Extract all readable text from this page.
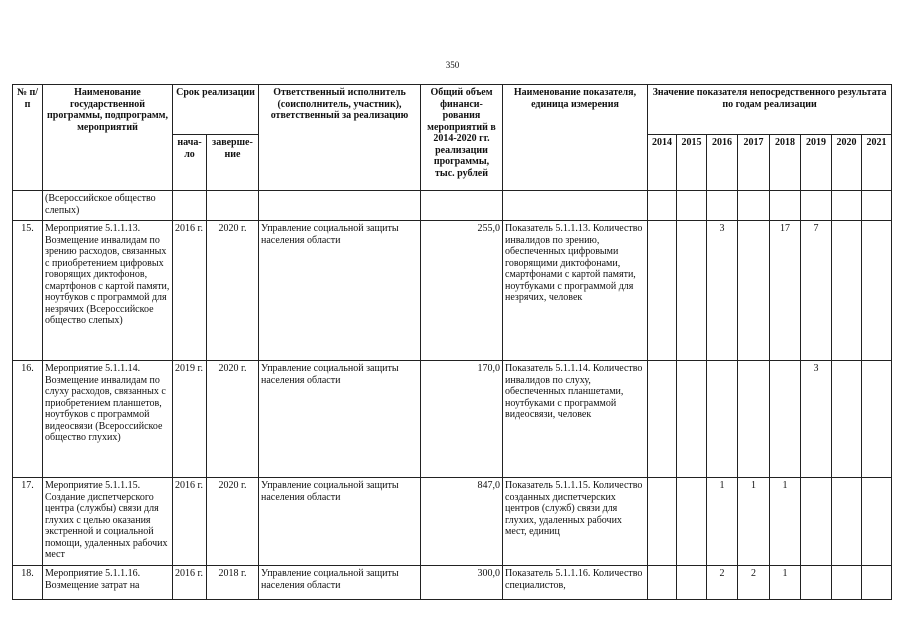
350
№ п/п	Наименование государственной программы, подпрограмм, мероприятий	Срок реализации		Ответственный исполнитель (соисполнитель, участник), ответственный за реализацию	Общий объем финанси-рования мероприятий в 2014-2020 гг. реализации программы, тыс. рублей	Наименование показателя, единица измерения	Значение показателя непосредственного результата по годам реализации							
		нача-ло	заверше-ние				2014	2015	2016	2017	2018	2019	2020	2021
	(Всероссийское общество слепых)													
15.	Мероприятие 5.1.1.13. Возмещение инвалидам по зрению расходов, связанных с приобретением цифровых говорящих диктофонов, смартфонов с картой памяти, ноутбуков с программой для незрячих (Всероссийское общество слепых)	2016 г.	2020 г.	Управление социальной защиты населения области	255,0	Показатель 5.1.1.13. Количество инвалидов по зрению, обеспеченных цифровыми говорящими диктофонами, смартфонами с картой памяти, ноутбуками с программой для незрячих, человек			3		17	7		
16.	Мероприятие 5.1.1.14. Возмещение инвалидам по слуху расходов, связанных с приобретением планшетов, ноутбуков с программой видеосвязи (Всероссийское общество глухих)	2019 г.	2020 г.	Управление социальной защиты населения области	170,0	Показатель 5.1.1.14. Количество инвалидов по слуху, обеспеченных планшетами, ноутбуками с программой видеосвязи, человек						3		
17.	Мероприятие 5.1.1.15. Создание диспетчерского центра (службы) связи для глухих с целью оказания экстренной и социальной помощи, удаленных рабочих мест	2016 г.	2020 г.	Управление социальной защиты населения области	847,0	Показатель 5.1.1.15. Количество созданных диспетчерских центров (служб) связи для глухих, удаленных рабочих мест, единиц			1	1	1			
18.	Мероприятие 5.1.1.16. Возмещение затрат на	2016 г.	2018 г.	Управление социальной защиты населения области	300,0	Показатель 5.1.1.16. Количество специалистов,			2	2	1			
